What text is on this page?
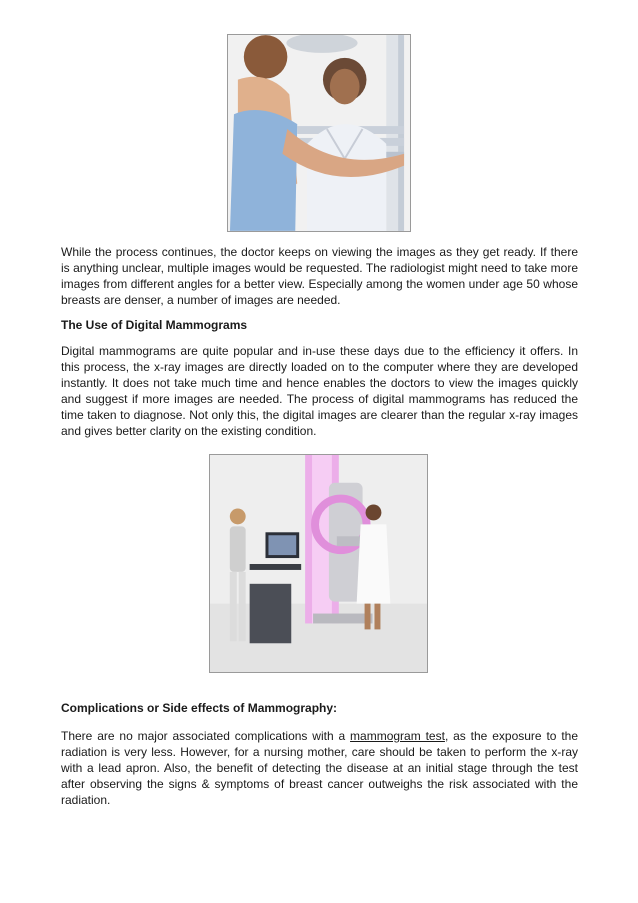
While the process continues, the doctor keeps on viewing the images as they get ready. If there is anything unclear, multiple images would be requested. The radiologist might need to take more images from different angles for a better view. Especially among the women under age 50 whose breasts are denser, a number of images are needed.

The Use of Digital Mammograms

Digital mammograms are quite popular and in-use these days due to the efficiency it offers. In this process, the x-ray images are directly loaded on to the computer where they are developed instantly. It does not take much time and hence enables the doctors to view the images quickly and suggest if more images are needed. The process of digital mammograms has reduced the time taken to diagnose. Not only this, the digital images are clearer than the regular x-ray images and gives better clarity on the existing condition.

Complications or Side effects of Mammography:

There are no major associated complications with a mammogram test, as the exposure to the radiation is very less. However, for a nursing mother, care should be taken to perform the x-ray with a lead apron. Also, the benefit of detecting the disease at an initial stage through the test after observing the signs & symptoms of breast cancer outweighs the risk associated with the radiation.
